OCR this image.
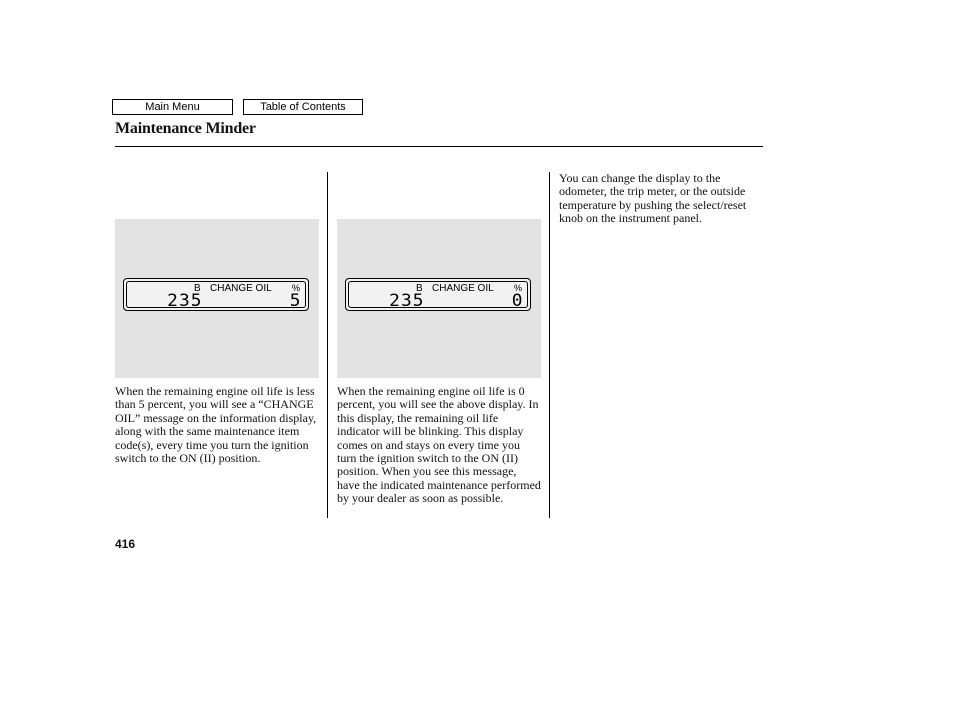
Main Menu	Table of Contents
Maintenance Minder
B CHANGE OIL %
235	5
B CHANGE OIL %
235	0
When the remaining engine oil life is less than 5 percent, you will see a “CHANGE OIL” message on the information display, along with the same maintenance item code(s), every time you turn the ignition switch to the ON (II) position.
When the remaining engine oil life is 0 percent, you will see the above display. In this display, the remaining oil life indicator will be blinking. This display comes on and stays on every time you turn the ignition switch to the ON (II) position. When you see this message, have the indicated maintenance performed by your dealer as soon as possible.
You can change the display to the odometer, the trip meter, or the outside temperature by pushing the select/reset knob on the instrument panel.
416
